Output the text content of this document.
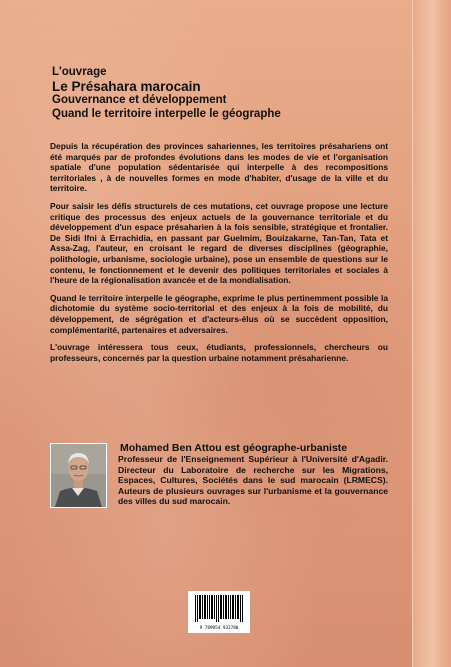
L'ouvrage
Le Présahara marocain
Gouvernance et développement
Quand le territoire interpelle le géographe

Depuis la récupération des provinces sahariennes, les territoires présahariens ont été marqués par de profondes évolutions dans les modes de vie et l'organisation spatiale d'une population sédentarisée qui interpelle à des recompositions territoriales , à de nouvelles formes en mode d'habiter, d'usage de la ville et du territoire.

Pour saisir les défis structurels de ces mutations, cet ouvrage propose une lecture critique des processus des enjeux actuels de la gouvernance territoriale et du développement d'un espace présaharien à la fois sensible, stratégique et frontalier. De Sidi Ifni à Errachidia, en passant par Guelmim, Bouizakarne, Tan-Tan, Tata et Assa-Zag, l'auteur, en croisant le regard de diverses disciplines (géographie, polithologie, urbanisme, sociologie urbaine), pose un ensemble de questions sur le contenu, le fonctionnement et le devenir des politiques territoriales et sociales à l'heure de la régionalisation avancée et de la mondialisation.

Quand le territoire interpelle le géographe, exprime le plus pertinemment possible la dichotomie du système socio-territorial et des enjeux à la fois de mobilité, du développement, de ségrégation et d'acteurs-élus où se succèdent opposition, complémentarité, partenaires et adversaires.

L'ouvrage intéressera tous ceux, étudiants, professionnels, chercheurs ou professeurs, concernés par la question urbaine notamment présaharienne.

Mohamed Ben Attou est géographe-urbaniste

Professeur de l'Enseignement Supérieur à l'Université d'Agadir. Directeur du Laboratoire de recherche sur les Migrations, Espaces, Cultures, Sociétés dans le sud marocain (LRMECS). Auteurs de plusieurs ouvrages sur l'urbanisme et la gouvernance des villes du sud marocain.

9 789954 932780
